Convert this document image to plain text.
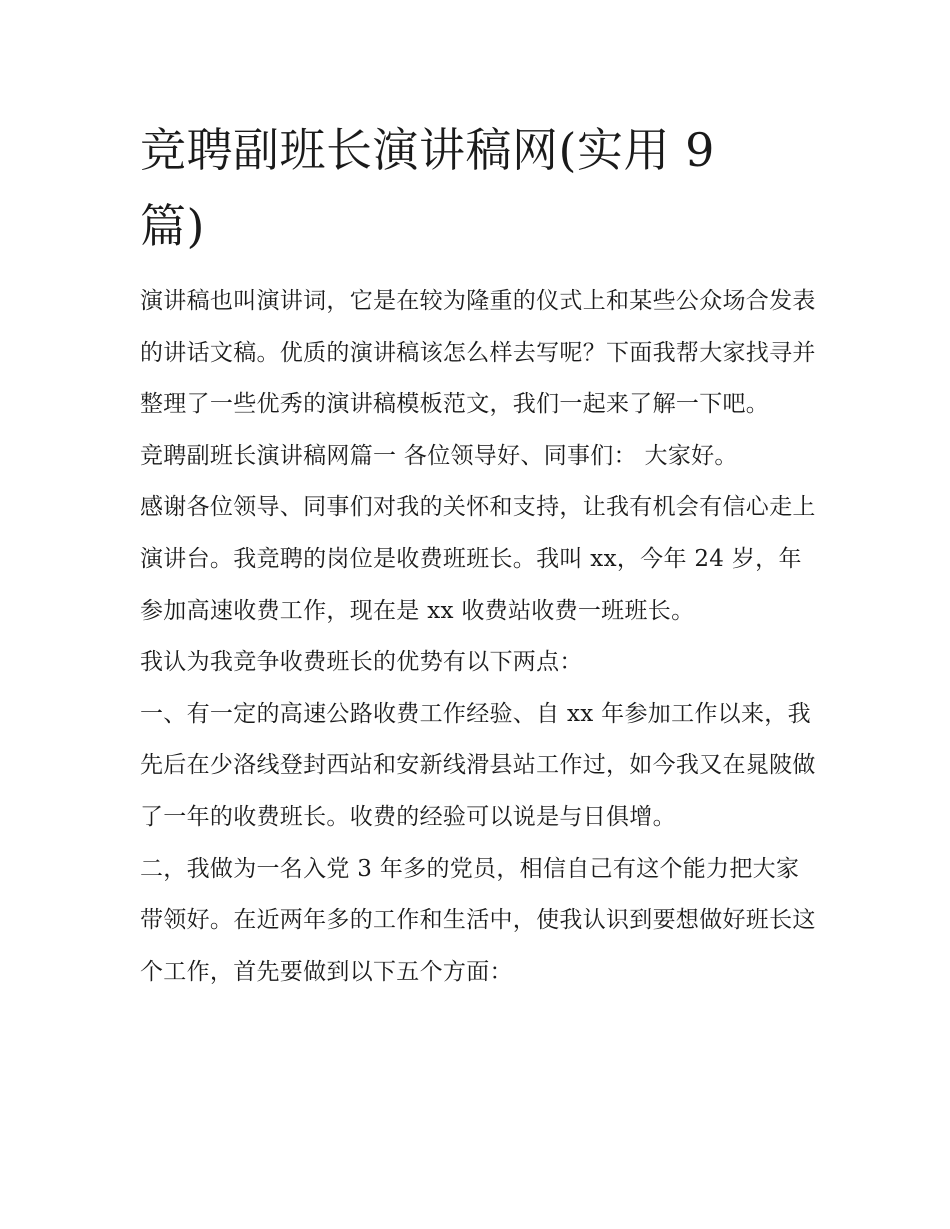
竞聘副班长演讲稿网(实用 9 篇)

演讲稿也叫演讲词，它是在较为隆重的仪式上和某些公众场合发表的讲话文稿。优质的演讲稿该怎么样去写呢？下面我帮大家找寻并整理了一些优秀的演讲稿模板范文，我们一起来了解一下吧。

竞聘副班长演讲稿网篇一 各位领导好、同事们： 大家好。

感谢各位领导、同事们对我的关怀和支持，让我有机会有信心走上演讲台。我竞聘的岗位是收费班班长。我叫 xx，今年 24 岁，年参加高速收费工作，现在是 xx 收费站收费一班班长。

我认为我竞争收费班长的优势有以下两点：

一、有一定的高速公路收费工作经验、自 xx 年参加工作以来，我先后在少洛线登封西站和安新线滑县站工作过，如今我又在晁陂做了一年的收费班长。收费的经验可以说是与日俱增。

二，我做为一名入党 3 年多的党员，相信自己有这个能力把大家带领好。在近两年多的工作和生活中，使我认识到要想做好班长这个工作，首先要做到以下五个方面：
